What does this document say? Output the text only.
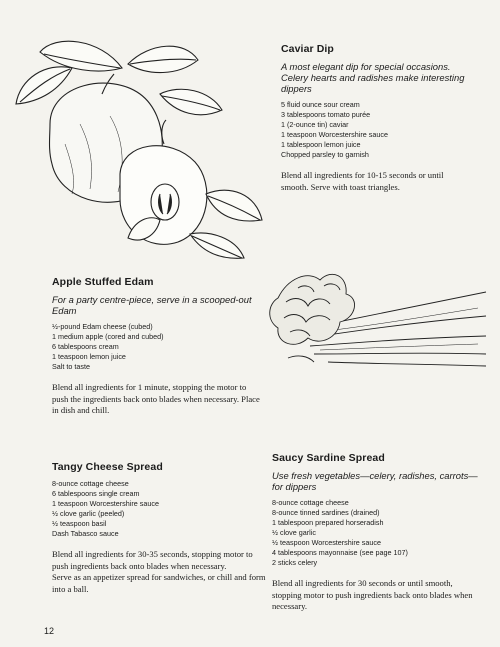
Caviar Dip

A most elegant dip for special occasions. Celery hearts and radishes make interesting dippers

5 fluid ounce sour cream
3 tablespoons tomato purée
1 (2-ounce tin) caviar
1 teaspoon Worcestershire sauce
1 tablespoon lemon juice
Chopped parsley to garnish

Blend all ingredients for 10-15 seconds or until smooth. Serve with toast triangles.

Apple Stuffed Edam

For a party centre-piece, serve in a scooped-out Edam

½-pound Edam cheese (cubed)
1 medium apple (cored and cubed)
6 tablespoons cream
1 teaspoon lemon juice
Salt to taste

Blend all ingredients for 1 minute, stopping the motor to push the ingredients back onto blades when necessary. Place in dish and chill.

Tangy Cheese Spread
8-ounce cottage cheese
6 tablespoons single cream
1 teaspoon Worcestershire sauce
½ clove garlic (peeled)
½ teaspoon basil
Dash Tabasco sauce

Blend all ingredients for 30-35 seconds, stopping motor to push ingredients back onto blades when necessary.

Serve as an appetizer spread for sandwiches, or chill and form into a ball.

Saucy Sardine Spread

Use fresh vegetables—celery, radishes, carrots—for dippers

8-ounce cottage cheese
8-ounce tinned sardines (drained)
1 tablespoon prepared horseradish
½ clove garlic
½ teaspoon Worcestershire sauce
4 tablespoons mayonnaise (see page 107)
2 sticks celery

Blend all ingredients for 30 seconds or until smooth, stopping motor to push ingredients back onto blades when necessary.

12
